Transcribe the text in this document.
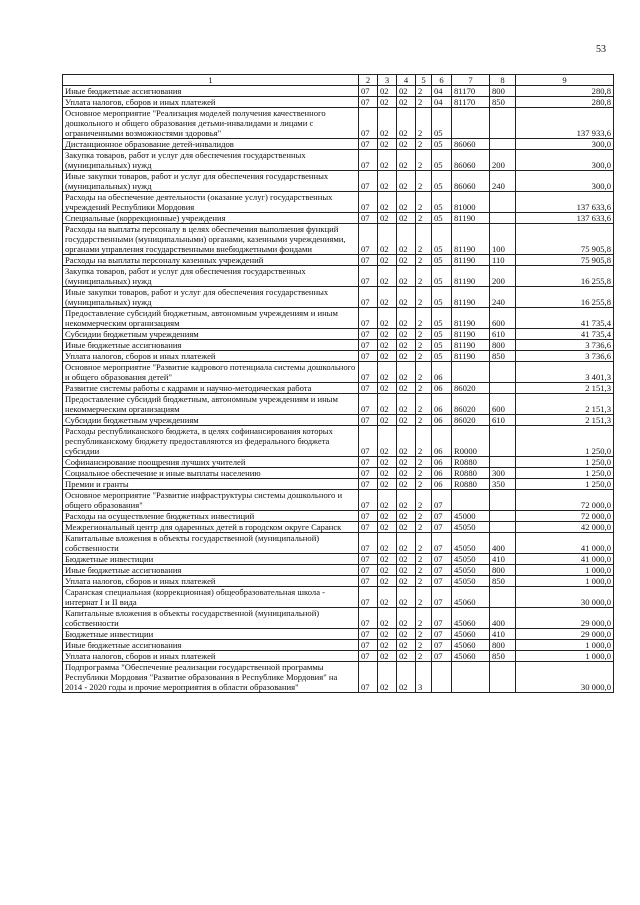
53
1	2	3	4	5	6	7	8	9
Иные бюджетные ассигнования	07	02	02	2	04	81170	800	280,8
Уплата налогов, сборов и иных платежей	07	02	02	2	04	81170	850	280,8
Основное мероприятие "Реализация моделей получения качественного дошкольного и общего образования детьми-инвалидами и лицами с ограниченными возможностями здоровья"	07	02	02	2	05			137 933,6
Дистанционное образование детей-инвалидов	07	02	02	2	05	86060		300,0
Закупка товаров, работ и услуг для обеспечения государственных (муниципальных) нужд	07	02	02	2	05	86060	200	300,0
Иные закупки товаров, работ и услуг для обеспечения государственных (муниципальных) нужд	07	02	02	2	05	86060	240	300,0
Расходы на обеспечение деятельности (оказание услуг) государственных учреждений Республики Мордовия	07	02	02	2	05	81000		137 633,6
Специальные (коррекционные) учреждения	07	02	02	2	05	81190		137 633,6
Расходы на выплаты персоналу в целях обеспечения выполнения функций государственными (муниципальными) органами, казенными учреждениями, органами управления государственными внебюджетными фондами	07	02	02	2	05	81190	100	75 905,8
Расходы на выплаты персоналу казенных учреждений	07	02	02	2	05	81190	110	75 905,8
Закупка товаров, работ и услуг для обеспечения государственных (муниципальных) нужд	07	02	02	2	05	81190	200	16 255,8
Иные закупки товаров, работ и услуг для обеспечения государственных (муниципальных) нужд	07	02	02	2	05	81190	240	16 255,8
Предоставление субсидий бюджетным, автономным учреждениям и иным некоммерческим организациям	07	02	02	2	05	81190	600	41 735,4
Субсидии бюджетным учреждениям	07	02	02	2	05	81190	610	41 735,4
Иные бюджетные ассигнования	07	02	02	2	05	81190	800	3 736,6
Уплата налогов, сборов и иных платежей	07	02	02	2	05	81190	850	3 736,6
Основное мероприятие "Развитие кадрового потенциала системы дошкольного и общего образования детей"	07	02	02	2	06			3 401,3
Развитие системы работы с кадрами и научно-методическая работа	07	02	02	2	06	86020		2 151,3
Предоставление субсидий бюджетным, автономным учреждениям и иным некоммерческим организациям	07	02	02	2	06	86020	600	2 151,3
Субсидии бюджетным учреждениям	07	02	02	2	06	86020	610	2 151,3
Расходы республиканского бюджета, в целях софинансирования которых республиканскому бюджету предоставляются из федерального бюджета субсидии	07	02	02	2	06	R0000		1 250,0
Софинансирование поощрения лучших учителей	07	02	02	2	06	R0880		1 250,0
Социальное обеспечение и иные выплаты населению	07	02	02	2	06	R0880	300	1 250,0
Премии и гранты	07	02	02	2	06	R0880	350	1 250,0
Основное мероприятие "Развитие инфраструктуры системы дошкольного и общего образования"	07	02	02	2	07			72 000,0
Расходы на осуществление бюджетных инвестиций	07	02	02	2	07	45000		72 000,0
Межрегиональный центр для одаренных детей в городском округе Саранск	07	02	02	2	07	45050		42 000,0
Капитальные вложения в объекты государственной (муниципальной) собственности	07	02	02	2	07	45050	400	41 000,0
Бюджетные инвестиции	07	02	02	2	07	45050	410	41 000,0
Иные бюджетные ассигнования	07	02	02	2	07	45050	800	1 000,0
Уплата налогов, сборов и иных платежей	07	02	02	2	07	45050	850	1 000,0
Саранская специальная (коррекционная) общеобразовательная школа - интернат I и II вида	07	02	02	2	07	45060		30 000,0
Капитальные вложения в объекты государственной (муниципальной) собственности	07	02	02	2	07	45060	400	29 000,0
Бюджетные инвестиции	07	02	02	2	07	45060	410	29 000,0
Иные бюджетные ассигнования	07	02	02	2	07	45060	800	1 000,0
Уплата налогов, сборов и иных платежей	07	02	02	2	07	45060	850	1 000,0
Подпрограмма "Обеспечение реализации государственной программы Республики Мордовия "Развитие образования в Республике Мордовия" на 2014 - 2020 годы и прочие мероприятия в области образования"	07	02	02	3				30 000,0
